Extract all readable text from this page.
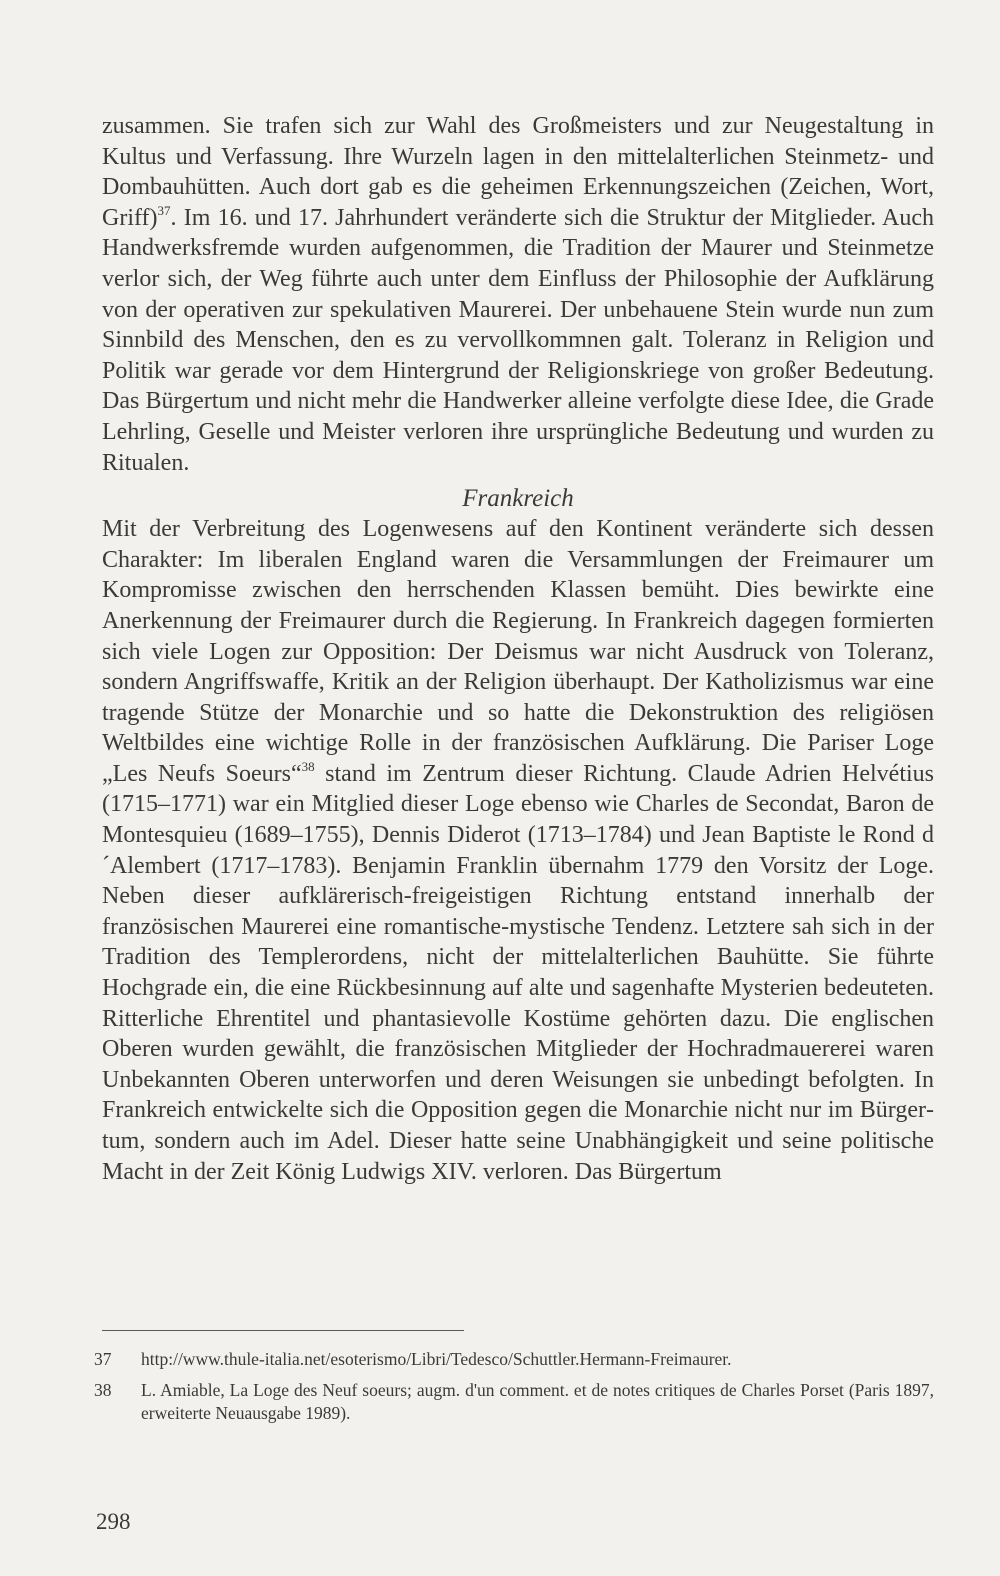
zusammen. Sie trafen sich zur Wahl des Großmeisters und zur Neugestaltung in Kultus und Verfassung. Ihre Wurzeln lagen in den mittelalterlichen Steinmetz- und Dombauhütten. Auch dort gab es die geheimen Erkennungszeichen (Zeichen, Wort, Griff)$^{37}$. Im 16. und 17. Jahrhundert veränderte sich die Struktur der Mitglieder. Auch Handwerksfremde wurden aufgenommen, die Tradition der Maurer und Steinmetze verlor sich, der Weg führte auch unter dem Einfluss der Philosophie der Aufklärung von der operativen zur spekulativen Maurerei. Der unbehauene Stein wurde nun zum Sinnbild des Menschen, den es zu vervollkommnen galt. Toleranz in Religion und Politik war gerade vor dem Hintergrund der Religionskriege von großer Bedeutung. Das Bürgertum und nicht mehr die Handwerker alleine verfolgte diese Idee, die Grade Lehrling, Geselle und Meister verloren ihre ursprüngliche Bedeutung und wurden zu Ritualen.

Frankreich

Mit der Verbreitung des Logenwesens auf den Kontinent veränderte sich dessen Charakter: Im liberalen England waren die Versammlungen der Freimaurer um Kompromisse zwischen den herrschenden Klassen bemüht. Dies bewirkte eine Anerkennung der Freimaurer durch die Regierung. In Frankreich dagegen formierten sich viele Logen zur Opposition: Der Deismus war nicht Ausdruck von Toleranz, sondern Angriffswaffe, Kritik an der Religion überhaupt. Der Katholizismus war eine tragende Stütze der Monarchie und so hatte die Dekonstruktion des religiösen Weltbildes eine wichtige Rolle in der französischen Aufklärung. Die Pariser Loge „Les Neufs Soeurs“$^{38}$ stand im Zentrum dieser Richtung. Claude Adrien Helvétius (1715–1771) war ein Mitglied dieser Loge ebenso wie Charles de Secondat, Baron de Montesquieu (1689–1755), Dennis Diderot (1713–1784) und Jean Baptiste le Rond d´Alembert (1717–1783). Benjamin Franklin übernahm 1779 den Vorsitz der Loge. Neben dieser aufklärerisch-freigeistigen Richtung entstand innerhalb der französischen Maurerei eine romantische-mystische Tendenz. Letztere sah sich in der Tradition des Templerordens, nicht der mittelalterlichen Bauhütte. Sie führte Hochgrade ein, die eine Rückbesinnung auf alte und sagenhafte Mysterien bedeuteten. Ritterliche Ehrentitel und phantasievolle Kostüme gehörten dazu. Die englischen Oberen wurden gewählt, die französischen Mitglieder der Hochradmauererei waren Unbekannten Oberen unterworfen und deren Weisungen sie unbedingt befolgten. In Frankreich entwickelte sich die Opposition gegen die Monarchie nicht nur im Bürgertum, sondern auch im Adel. Dieser hatte seine Unabhängigkeit und seine politische Macht in der Zeit König Ludwigs XIV. verloren. Das Bürgertum

37	http://www.thule-italia.net/esoterismo/Libri/Tedesco/Schuttler.Hermann-Freimaurer.
38	L. Amiable, La Loge des Neuf soeurs; augm. d'un comment. et de notes critiques de Charles Porset (Paris 1897, erweiterte Neuausgabe 1989).
298
